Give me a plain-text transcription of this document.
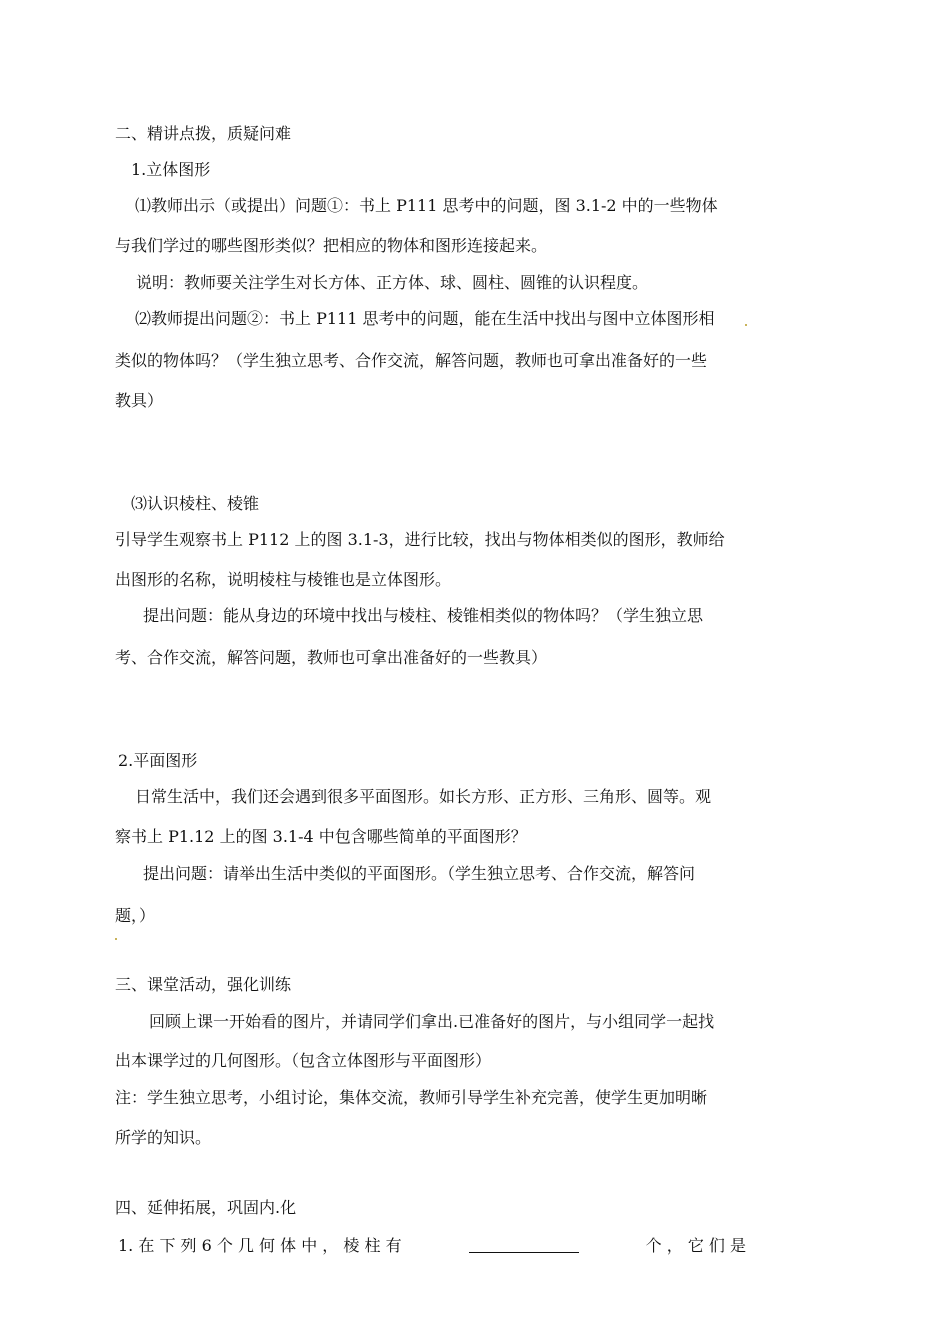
二、精讲点拨，质疑问难
1.立体图形
⑴教师出示（或提出）问题①：书上 P111 思考中的问题，图 3.1-2 中的一些物体
与我们学过的哪些图形类似？把相应的物体和图形连接起来。
说明：教师要关注学生对长方体、正方体、球、圆柱、圆锥的认识程度。
⑵教师提出问题②：书上 P111 思考中的问题，能在生活中找出与图中立体图形相
类似的物体吗？（学生独立思考、合作交流，解答问题，教师也可拿出准备好的一些
教具）
⑶认识棱柱、棱锥
引导学生观察书上 P112 上的图 3.1-3，进行比较，找出与物体相类似的图形，教师给
出图形的名称，说明棱柱与棱锥也是立体图形。
提出问题：能从身边的环境中找出与棱柱、棱锥相类似的物体吗？（学生独立思
考、合作交流，解答问题，教师也可拿出准备好的一些教具）
2.平面图形
日常生活中，我们还会遇到很多平面图形。如长方形、正方形、三角形、圆等。观
察书上 P1.12 上的图 3.1-4 中包含哪些简单的平面图形？
提出问题：请举出生活中类似的平面图形。（学生独立思考、合作交流，解答问
题，）
三、课堂活动，强化训练
回顾上课一开始看的图片，并请同学们拿出.已准备好的图片，与小组同学一起找
出本课学过的几何图形。（包含立体图形与平面图形）
注：学生独立思考，小组讨论，集体交流，教师引导学生补充完善，使学生更加明晰
所学的知识。
四、延伸拓展，巩固内.化
1. 在 下 列 6 个 几 何 体 中 ， 棱 柱 有	个 ， 它 们 是
